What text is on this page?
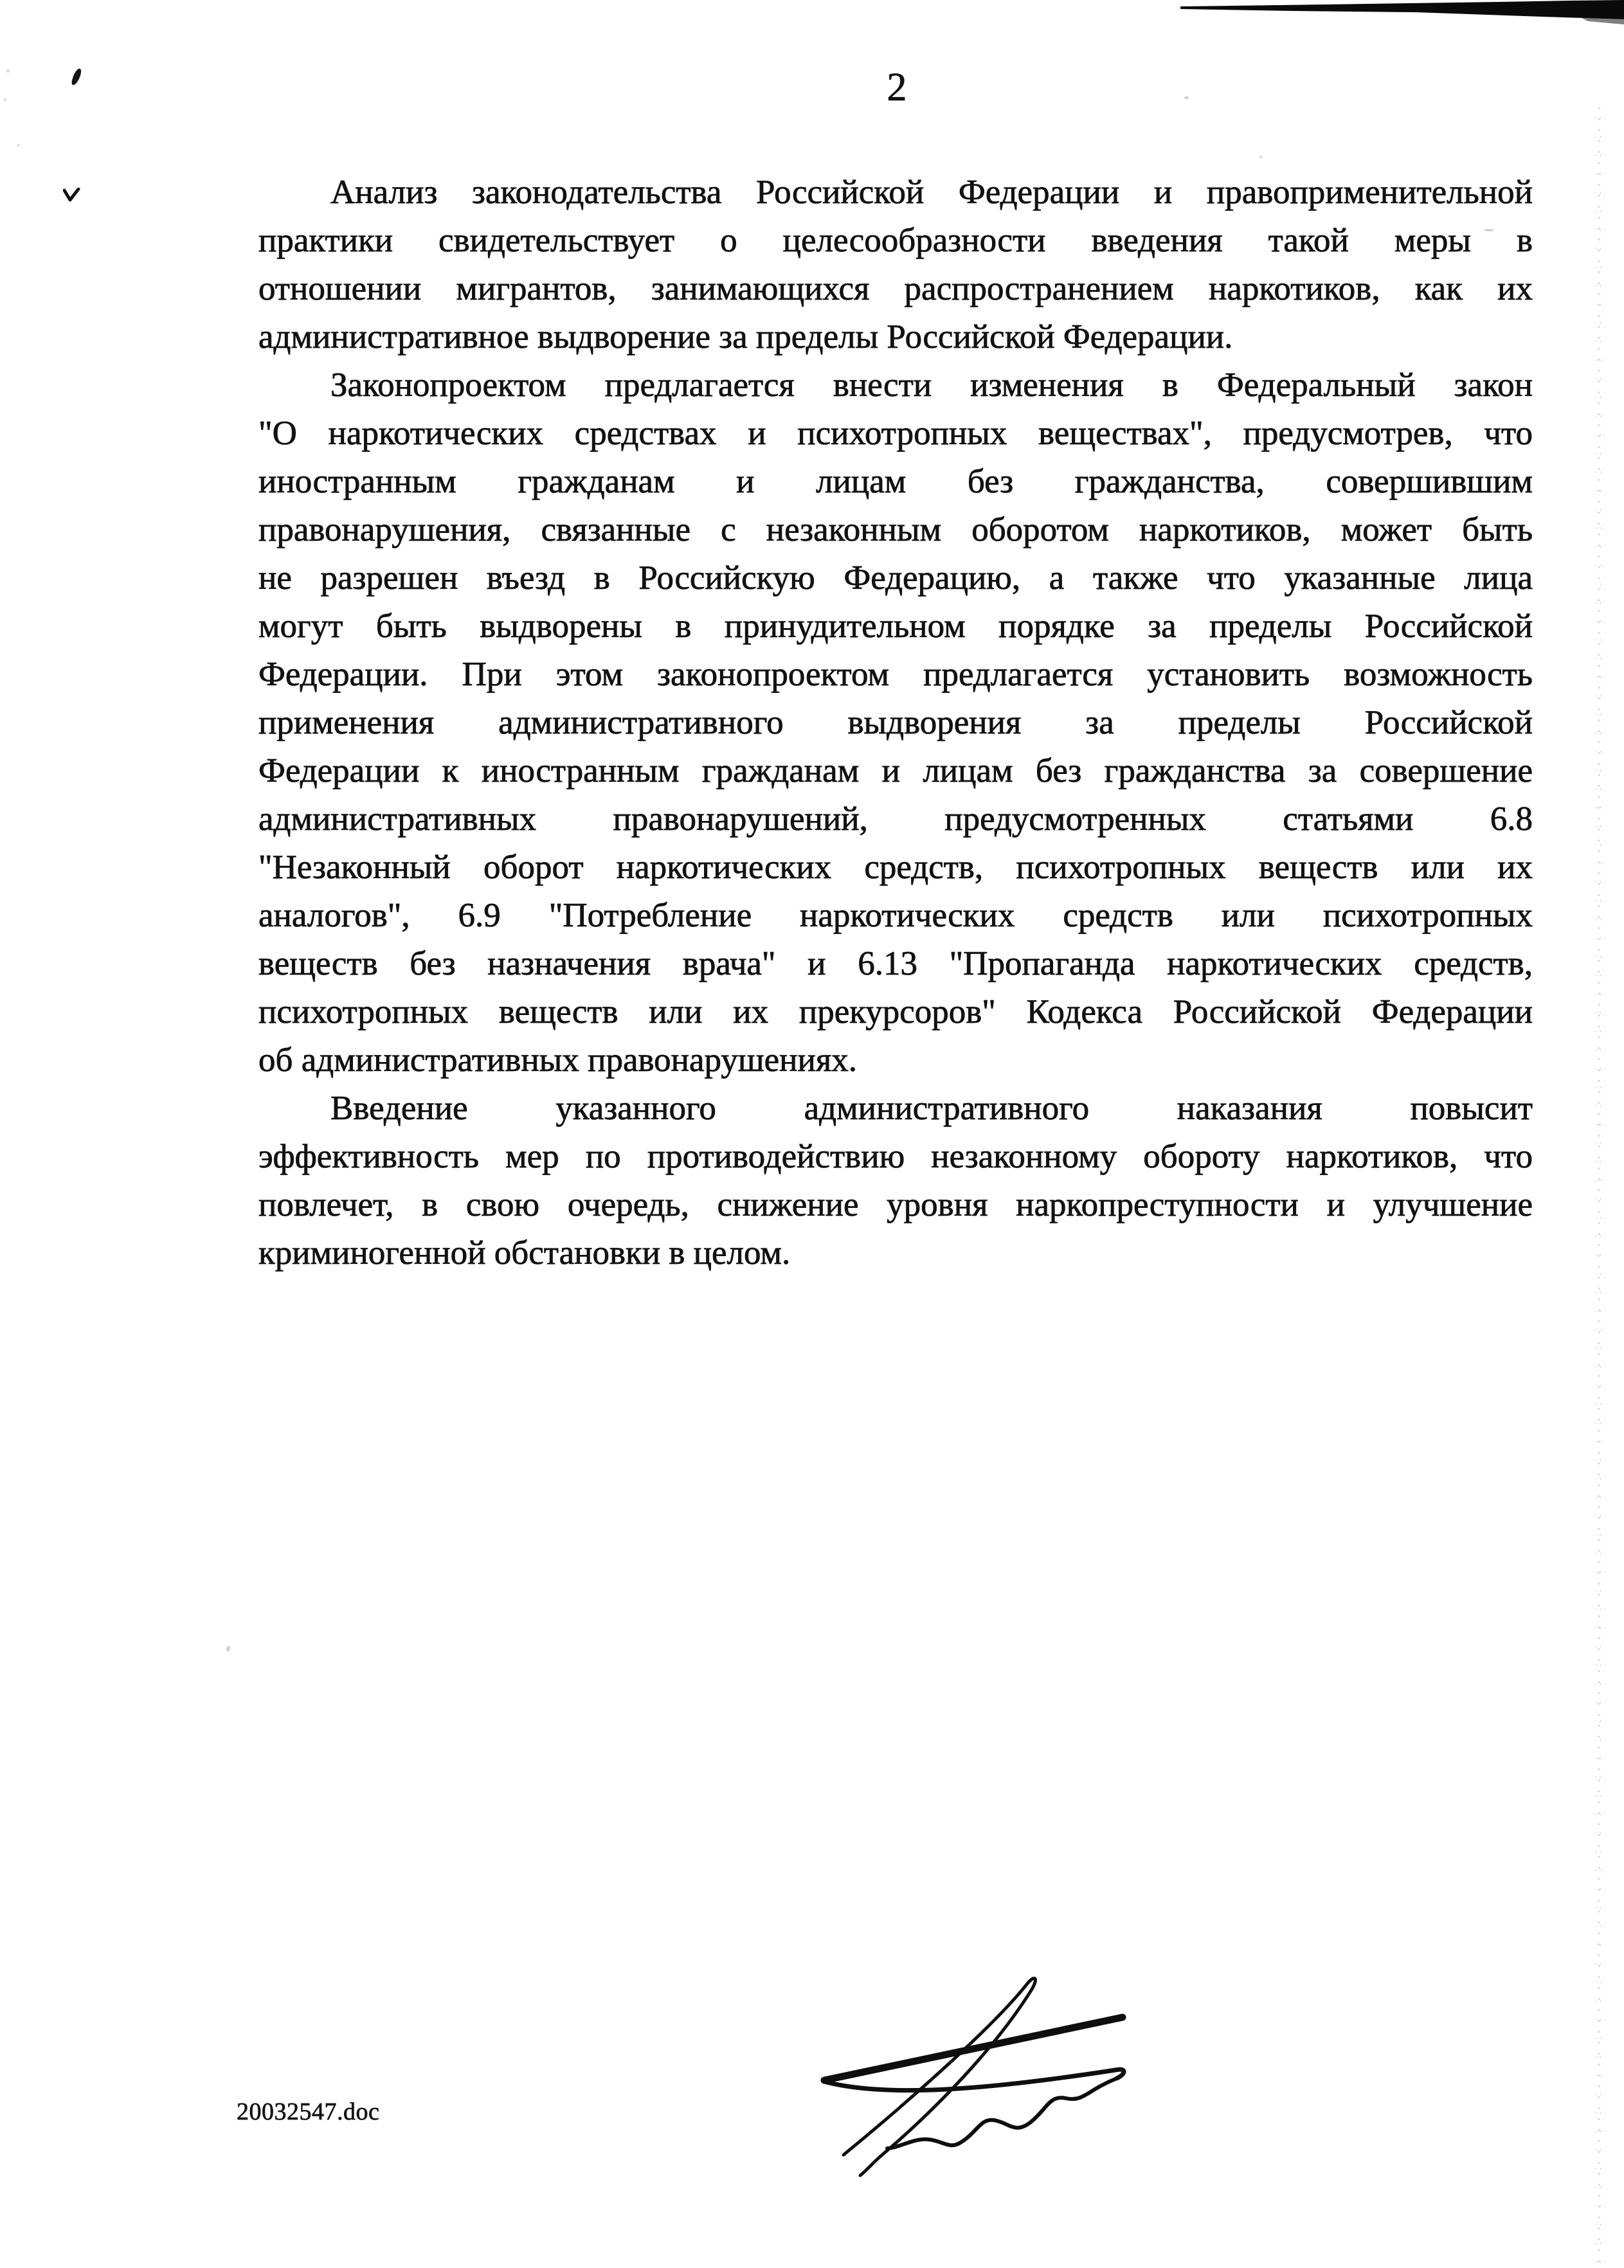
2
Анализ законодательства Российской Федерации и правоприменительной
практики свидетельствует о целесообразности введения такой меры в
отношении мигрантов, занимающихся распространением наркотиков, как их
административное выдворение за пределы Российской Федерации.
Законопроектом предлагается внести изменения в Федеральный закон
"О наркотических средствах и психотропных веществах", предусмотрев, что
иностранным гражданам и лицам без гражданства, совершившим
правонарушения, связанные с незаконным оборотом наркотиков, может быть
не разрешен въезд в Российскую Федерацию, а также что указанные лица
могут быть выдворены в принудительном порядке за пределы Российской
Федерации. При этом законопроектом предлагается установить возможность
применения административного выдворения за пределы Российской
Федерации к иностранным гражданам и лицам без гражданства за совершение
административных правонарушений, предусмотренных статьями 6.8
"Незаконный оборот наркотических средств, психотропных веществ или их
аналогов", 6.9 "Потребление наркотических средств или психотропных
веществ без назначения врача" и 6.13 "Пропаганда наркотических средств,
психотропных веществ или их прекурсоров" Кодекса Российской Федерации
об административных правонарушениях.
Введение указанного административного наказания повысит
эффективность мер по противодействию незаконному обороту наркотиков, что
повлечет, в свою очередь, снижение уровня наркопреступности и улучшение
криминогенной обстановки в целом.
20032547.doc
